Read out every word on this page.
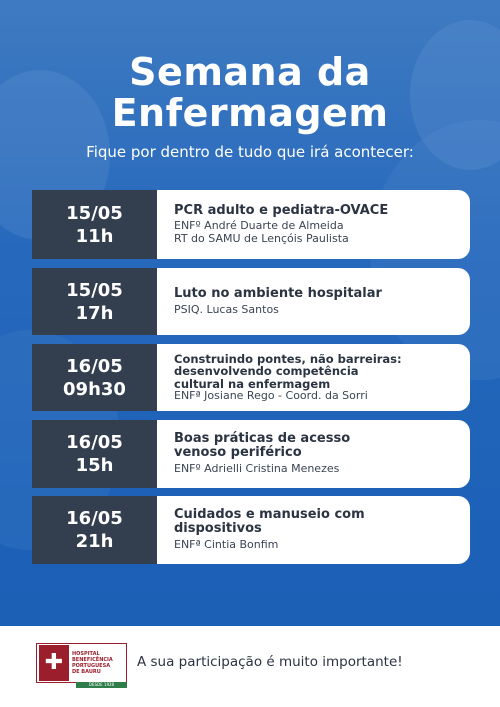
Semana da
Enfermagem
Fique por dentro de tudo que irá acontecer:
15/05
11h
PCR adulto e pediatra-OVACE
ENFº André Duarte de Almeida
RT do SAMU de Lençóis Paulista
15/05
17h
Luto no ambiente hospitalar
PSIQ. Lucas Santos
16/05
09h30
Construindo pontes, não barreiras:
desenvolvendo competência
cultural na enfermagem
ENFª Josiane Rego - Coord. da Sorri
16/05
15h
Boas práticas de acesso
venoso periférico
ENFº Adrielli Cristina Menezes
16/05
21h
Cuidados e manuseio com
dispositivos
ENFª Cintia Bonfim
✚	HOSPITAL
BENEFICÊNCIA
PORTUGUESA
DE BAURU
DESDE 1928
A sua participação é muito importante!
